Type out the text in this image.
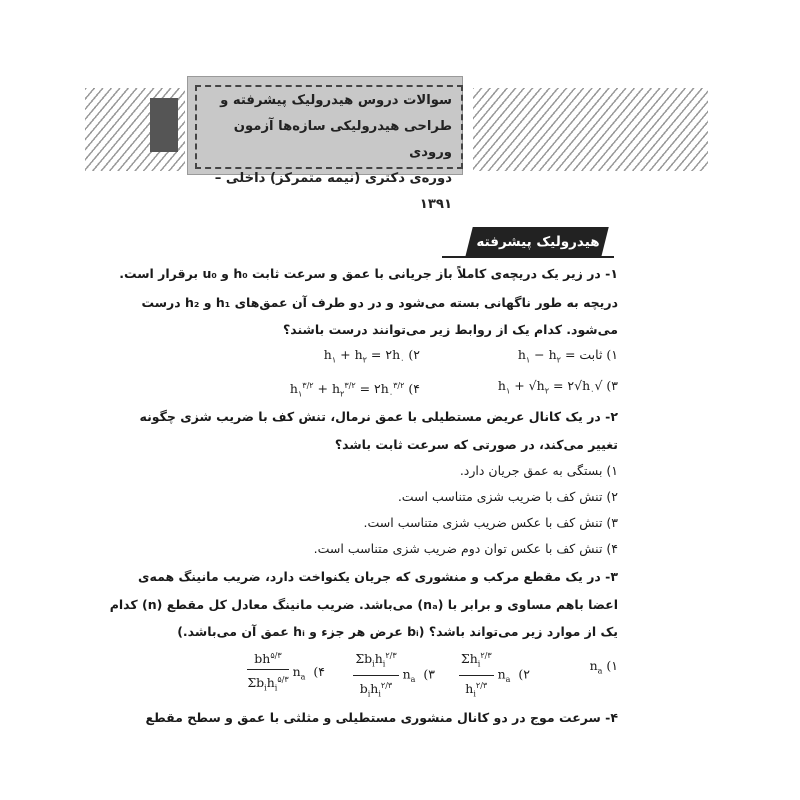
سوالات دروس هیدرولیک پیشرفته و
طراحی هیدرولیکی سازه‌ها آزمون ورودی
دوره‌ی دکتری (نیمه متمرکز) داخلی – ۱۳۹۱
هیدرولیک پیشرفته
۱- در زیر یک دریچه‌ی کاملاً باز جریانی با عمق و سرعت ثابت h₀ و u₀ برقرار است.
دریچه به طور ناگهانی بسته می‌شود و در دو طرف آن عمق‌های h₁ و h₂ درست
می‌شود. کدام یک از روابط زیر می‌توانند درست باشند؟
۱) ثابت = $h_۱ - h_۲$
۲) $h_۱ + h_۲$ = $۲h_۰$
۳) $√h_۱ + √h_۲$ = $۲√h_۰$
۴) $h_۱^{۳/۲} + h_۲^{۳/۲}$ = $۲h_۰^{۳/۲}$
۲- در یک کانال عریض مستطیلی با عمق نرمال، تنش کف با ضریب شزی چگونه
تغییر می‌کند، در صورتی که سرعت ثابت باشد؟
۱) بستگی به عمق جریان دارد.
۲) تنش کف با ضریب شزی متناسب است.
۳) تنش کف با عکس ضریب شزی متناسب است.
۴) تنش کف با عکس توان دوم ضریب شزی متناسب است.
۳- در یک مقطع مرکب و منشوری که جریان یکنواخت دارد، ضریب مانینگ همه‌ی
اعضا باهم مساوی و برابر با (nₐ) می‌باشد. ضریب مانینگ معادل کل مقطع (n) کدام
یک از موارد زیر می‌تواند باشد؟ (bᵢ عرض هر جزء و hᵢ عمق آن می‌باشد.)
۱) $n_a$
$\frac{\Sigma h_i^{۲/۳}}{h_i^{۲/۳}} n_a$  (۲
$\frac{\Sigma b_ih_i^{۲/۳}}{b_ih_i^{۲/۳}} n_a$  (۳
$\frac{bh^{۵/۳}}{\Sigma b_ih_i^{۵/۳}} n_a$  (۴
۴- سرعت موج در دو کانال منشوری مستطیلی و مثلثی با عمق و سطح مقطع
